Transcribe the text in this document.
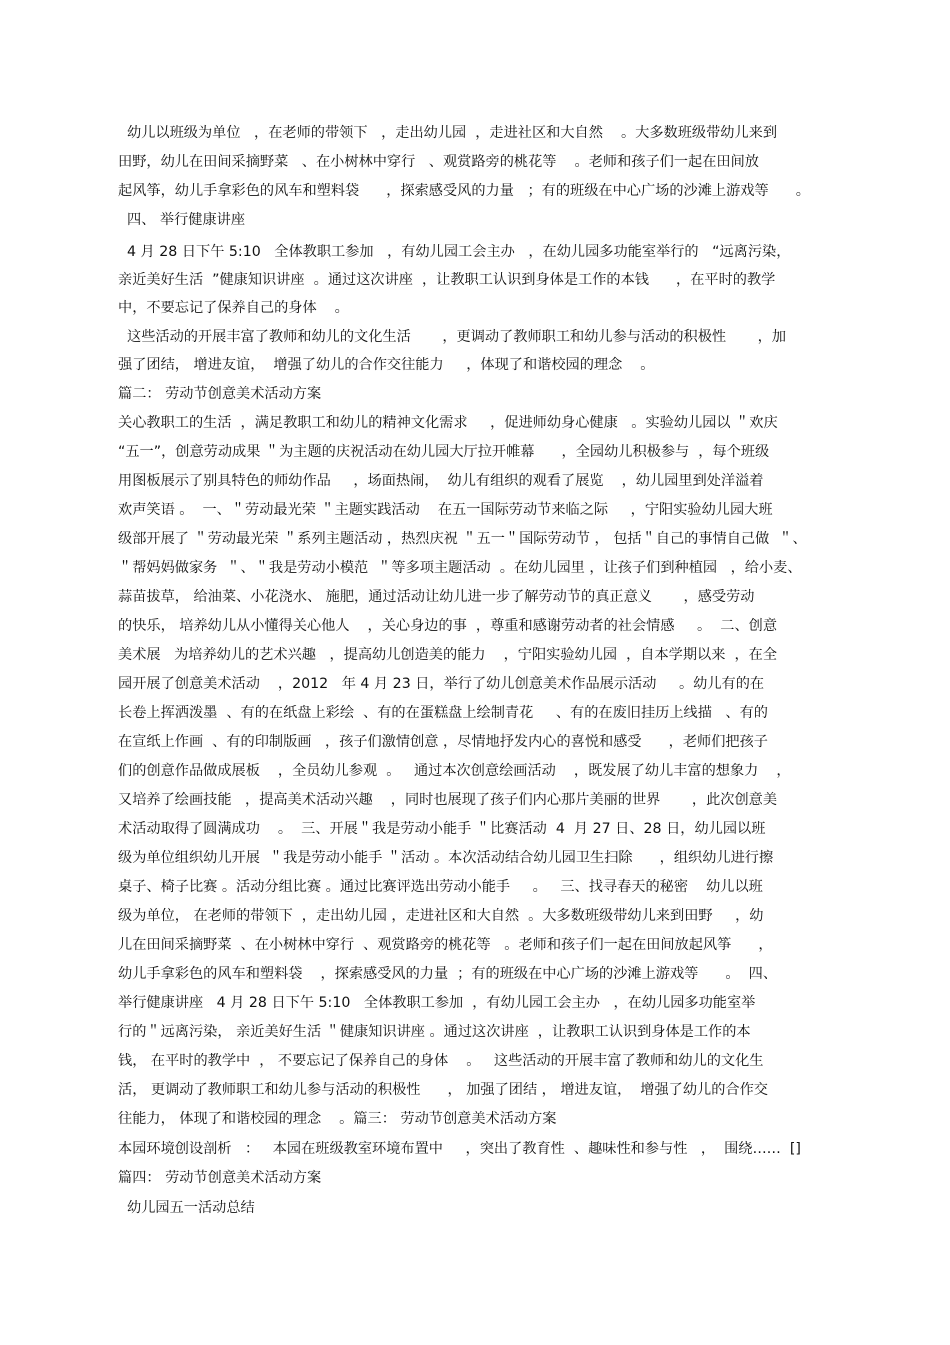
幼儿以班级为单位   ，在老师的带领下   ，走出幼儿园  ，走进社区和大自然    。大多数班级带幼儿来到
田野，幼儿在田间采摘野菜   、在小树林中穿行   、观赏路旁的桃花等    。老师和孩子们一起在田间放
起风筝，幼儿手拿彩色的风车和塑料袋      ，探索感受风的力量   ；有的班级在中心广场的沙滩上游戏等      。
四、 举行健康讲座
4 月 28 日下午 5:10   全体教职工参加   ，有幼儿园工会主办   ，在幼儿园多功能室举行的   “远离污染，
亲近美好生活  ”健康知识讲座  。通过这次讲座  ，让教职工认识到身体是工作的本钱      ，在平时的教学
中，不要忘记了保养自己的身体    。
这些活动的开展丰富了教师和幼儿的文化生活       ，更调动了教师职工和幼儿参与活动的积极性       ，加
强了团结， 增进友谊，  增强了幼儿的合作交往能力     ，体现了和谐校园的理念    。
篇二： 劳动节创意美术活动方案
关心教职工的生活  ，满足教职工和幼儿的精神文化需求     ，促进师幼身心健康   。实验幼儿园以 ＂欢庆
“五一”，创意劳动成果 ＂为主题的庆祝活动在幼儿园大厅拉开帷幕      ，全园幼儿积极参与  ，每个班级
用图板展示了别具特色的师幼作品     ，场面热闹，  幼儿有组织的观看了展览    ，幼儿园里到处洋溢着
欢声笑语 。  一、＂劳动最光荣 ＂主题实践活动    在五一国际劳动节来临之际     ，宁阳实验幼儿园大班
级部开展了 ＂劳动最光荣 ＂系列主题活动 ，热烈庆祝 ＂五一＂国际劳动节 ， 包括＂自己的事情自己做  ＂、
＂帮妈妈做家务  ＂、＂我是劳动小模范  ＂等多项主题活动  。在幼儿园里 ，让孩子们到种植园   ，给小麦、
蒜苗拔草， 给油菜、小花浇水、 施肥，通过活动让幼儿进一步了解劳动节的真正意义       ，感受劳动
的快乐， 培养幼儿从小懂得关心他人    ，关心身边的事  ，尊重和感谢劳动者的社会情感     。  二、创意
美术展   为培养幼儿的艺术兴趣   ，提高幼儿创造美的能力    ，宁阳实验幼儿园  ，自本学期以来  ，在全
园开展了创意美术活动    ，2012   年 4 月 23 日，举行了幼儿创意美术作品展示活动     。幼儿有的在
长卷上挥洒泼墨  、有的在纸盘上彩绘  、有的在蛋糕盘上绘制青花     、有的在废旧挂历上线描   、有的
在宣纸上作画  、有的印制版画   ，孩子们激情创意 ，尽情地抒发内心的喜悦和感受      ，老师们把孩子
们的创意作品做成展板    ，全员幼儿参观  。   通过本次创意绘画活动    ，既发展了幼儿丰富的想象力    ，
又培养了绘画技能   ，提高美术活动兴趣    ，同时也展现了孩子们内心那片美丽的世界       ，此次创意美
术活动取得了圆满成功    。  三、开展＂我是劳动小能手 ＂比赛活动  4  月 27 日、28 日，幼儿园以班
级为单位组织幼儿开展  ＂我是劳动小能手 ＂活动 。本次活动结合幼儿园卫生扫除      ，组织幼儿进行擦
桌子、椅子比赛 。活动分组比赛 。通过比赛评选出劳动小能手     。   三、找寻春天的秘密    幼儿以班
级为单位， 在老师的带领下  ，走出幼儿园 ，走进社区和大自然  。大多数班级带幼儿来到田野     ，幼
儿在田间采摘野菜  、在小树林中穿行  、观赏路旁的桃花等   。老师和孩子们一起在田间放起风筝      ，
幼儿手拿彩色的风车和塑料袋    ，探索感受风的力量  ；有的班级在中心广场的沙滩上游戏等      。  四、
举行健康讲座   4 月 28 日下午 5:10   全体教职工参加  ，有幼儿园工会主办   ，在幼儿园多功能室举
行的＂远离污染， 亲近美好生活 ＂健康知识讲座 。通过这次讲座  ，让教职工认识到身体是工作的本
钱， 在平时的教学中  ， 不要忘记了保养自己的身体    。   这些活动的开展丰富了教师和幼儿的文化生
活， 更调动了教师职工和幼儿参与活动的积极性      ， 加强了团结 ， 增进友谊，  增强了幼儿的合作交
往能力， 体现了和谐校园的理念    。篇三： 劳动节创意美术活动方案
本园环境创设剖析   ：   本园在班级教室环境布置中     ，突出了教育性  、趣味性和参与性   ，  围绕……  []
篇四： 劳动节创意美术活动方案
幼儿园五一活动总结
